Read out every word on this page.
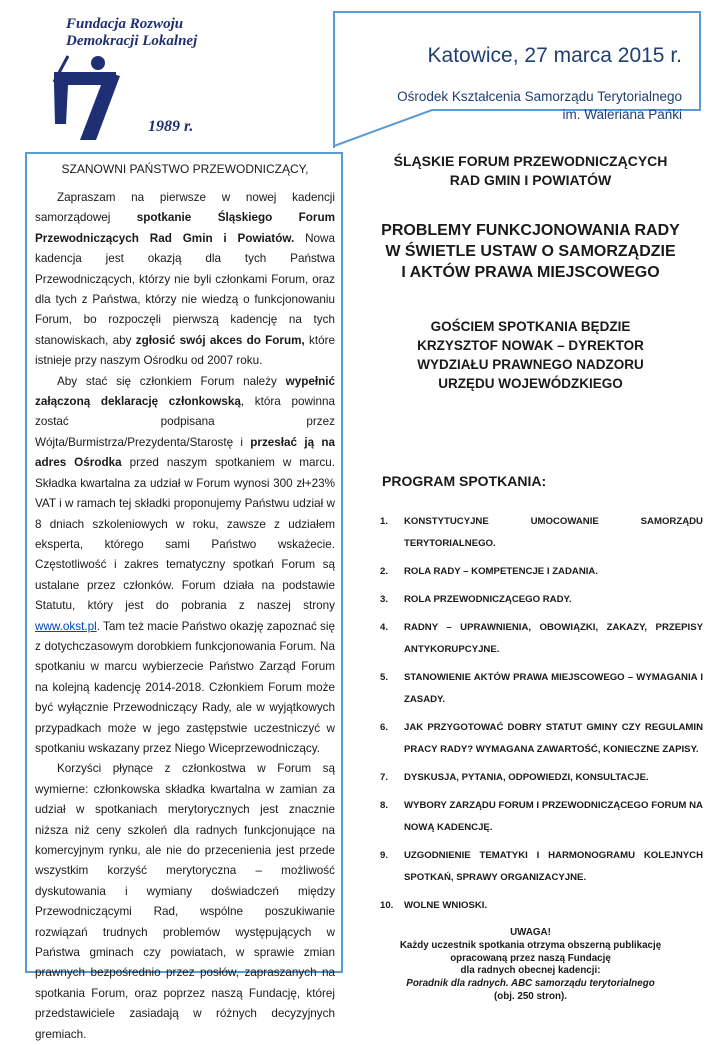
Fundacja Rozwoju
Demokracji Lokalnej
1989 r.
Katowice, 27 marca 2015 r.
Ośrodek Kształcenia Samorządu Terytorialnego
im. Waleriana Pańki
SZANOWNI PAŃSTWO PRZEWODNICZĄCY,

Zapraszam na pierwsze w nowej kadencji samorządowej spotkanie Śląskiego Forum Przewodniczących Rad Gmin i Powiatów. Nowa kadencja jest okazją dla tych Państwa Przewodniczących, którzy nie byli członkami Forum, oraz dla tych z Państwa, którzy nie wiedzą o funkcjonowaniu Forum, bo rozpoczęli pierwszą kadencję na tych stanowiskach, aby zgłosić swój akces do Forum, które istnieje przy naszym Ośrodku od 2007 roku.

Aby stać się członkiem Forum należy wypełnić załączoną deklarację członkowską, która powinna zostać podpisana przez Wójta/Burmistrza/Prezydenta/Starostę i przesłać ją na adres Ośrodka przed naszym spotkaniem w marcu. Składka kwartalna za udział w Forum wynosi 300 zł+23% VAT i w ramach tej składki proponujemy Państwu udział w 8 dniach szkoleniowych w roku, zawsze z udziałem eksperta, którego sami Państwo wskażecie. Częstotliwość i zakres tematyczny spotkań Forum są ustalane przez członków. Forum działa na podstawie Statutu, który jest do pobrania z naszej strony www.okst.pl. Tam też macie Państwo okazję zapoznać się z dotychczasowym dorobkiem funkcjonowania Forum. Na spotkaniu w marcu wybierzecie Państwo Zarząd Forum na kolejną kadencję 2014-2018. Członkiem Forum może być wyłącznie Przewodniczący Rady, ale w wyjątkowych przypadkach może w jego zastępstwie uczestniczyć w spotkaniu wskazany przez Niego Wiceprzewodniczący.

Korzyści płynące z członkostwa w Forum są wymierne: członkowska składka kwartalna w zamian za udział w spotkaniach merytorycznych jest znacznie niższa niż ceny szkoleń dla radnych funkcjonujące na komercyjnym rynku, ale nie do przecenienia jest przede wszystkim korzyść merytoryczna – możliwość dyskutowania i wymiany doświadczeń między Przewodniczącymi Rad, wspólne poszukiwanie rozwiązań trudnych problemów występujących w Państwa gminach czy powiatach, w sprawie zmian prawnych bezpośrednio przez posłów, zapraszanych na spotkania Forum, oraz poprzez naszą Fundację, której przedstawiciele zasiadają w różnych decyzyjnych gremiach.

ŚLĄSKIE FORUM PRZEWODNICZĄCYCH
RAD GMIN I POWIATÓW
PROBLEMY FUNKCJONOWANIA RADY
W ŚWIETLE USTAW O SAMORZĄDZIE
I AKTÓW PRAWA MIEJSCOWEGO
GOŚCIEM SPOTKANIA BĘDZIE
KRZYSZTOF NOWAK – DYREKTOR
WYDZIAŁU PRAWNEGO NADZORU
URZĘDU WOJEWÓDZKIEGO
PROGRAM SPOTKANIA:
1. KONSTYTUCYJNE UMOCOWANIE SAMORZĄDU TERYTORIALNEGO.
2. ROLA RADY – KOMPETENCJE I ZADANIA.
3. ROLA PRZEWODNICZĄCEGO RADY.
4. RADNY – UPRAWNIENIA, OBOWIĄZKI, ZAKAZY, PRZEPISY ANTYKORUPCYJNE.
5. STANOWIENIE AKTÓW PRAWA MIEJSCOWEGO – WYMAGANIA I ZASADY.
6. JAK PRZYGOTOWAĆ DOBRY STATUT GMINY CZY REGULAMIN PRACY RADY? WYMAGANA ZAWARTOŚĆ, KONIECZNE ZAPISY.
7. DYSKUSJA, PYTANIA, ODPOWIEDZI, KONSULTACJE.
8. WYBORY ZARZĄDU FORUM I PRZEWODNICZĄCEGO FORUM NA NOWĄ KADENCJĘ.
9. UZGODNIENIE TEMATYKI I HARMONOGRAMU KOLEJNYCH SPOTKAŃ, SPRAWY ORGANIZACYJNE.
10. WOLNE WNIOSKI.
UWAGA!
Każdy uczestnik spotkania otrzyma obszerną publikację
opracowaną przez naszą Fundację
dla radnych obecnej kadencji:
Poradnik dla radnych. ABC samorządu terytorialnego
(obj. 250 stron).
